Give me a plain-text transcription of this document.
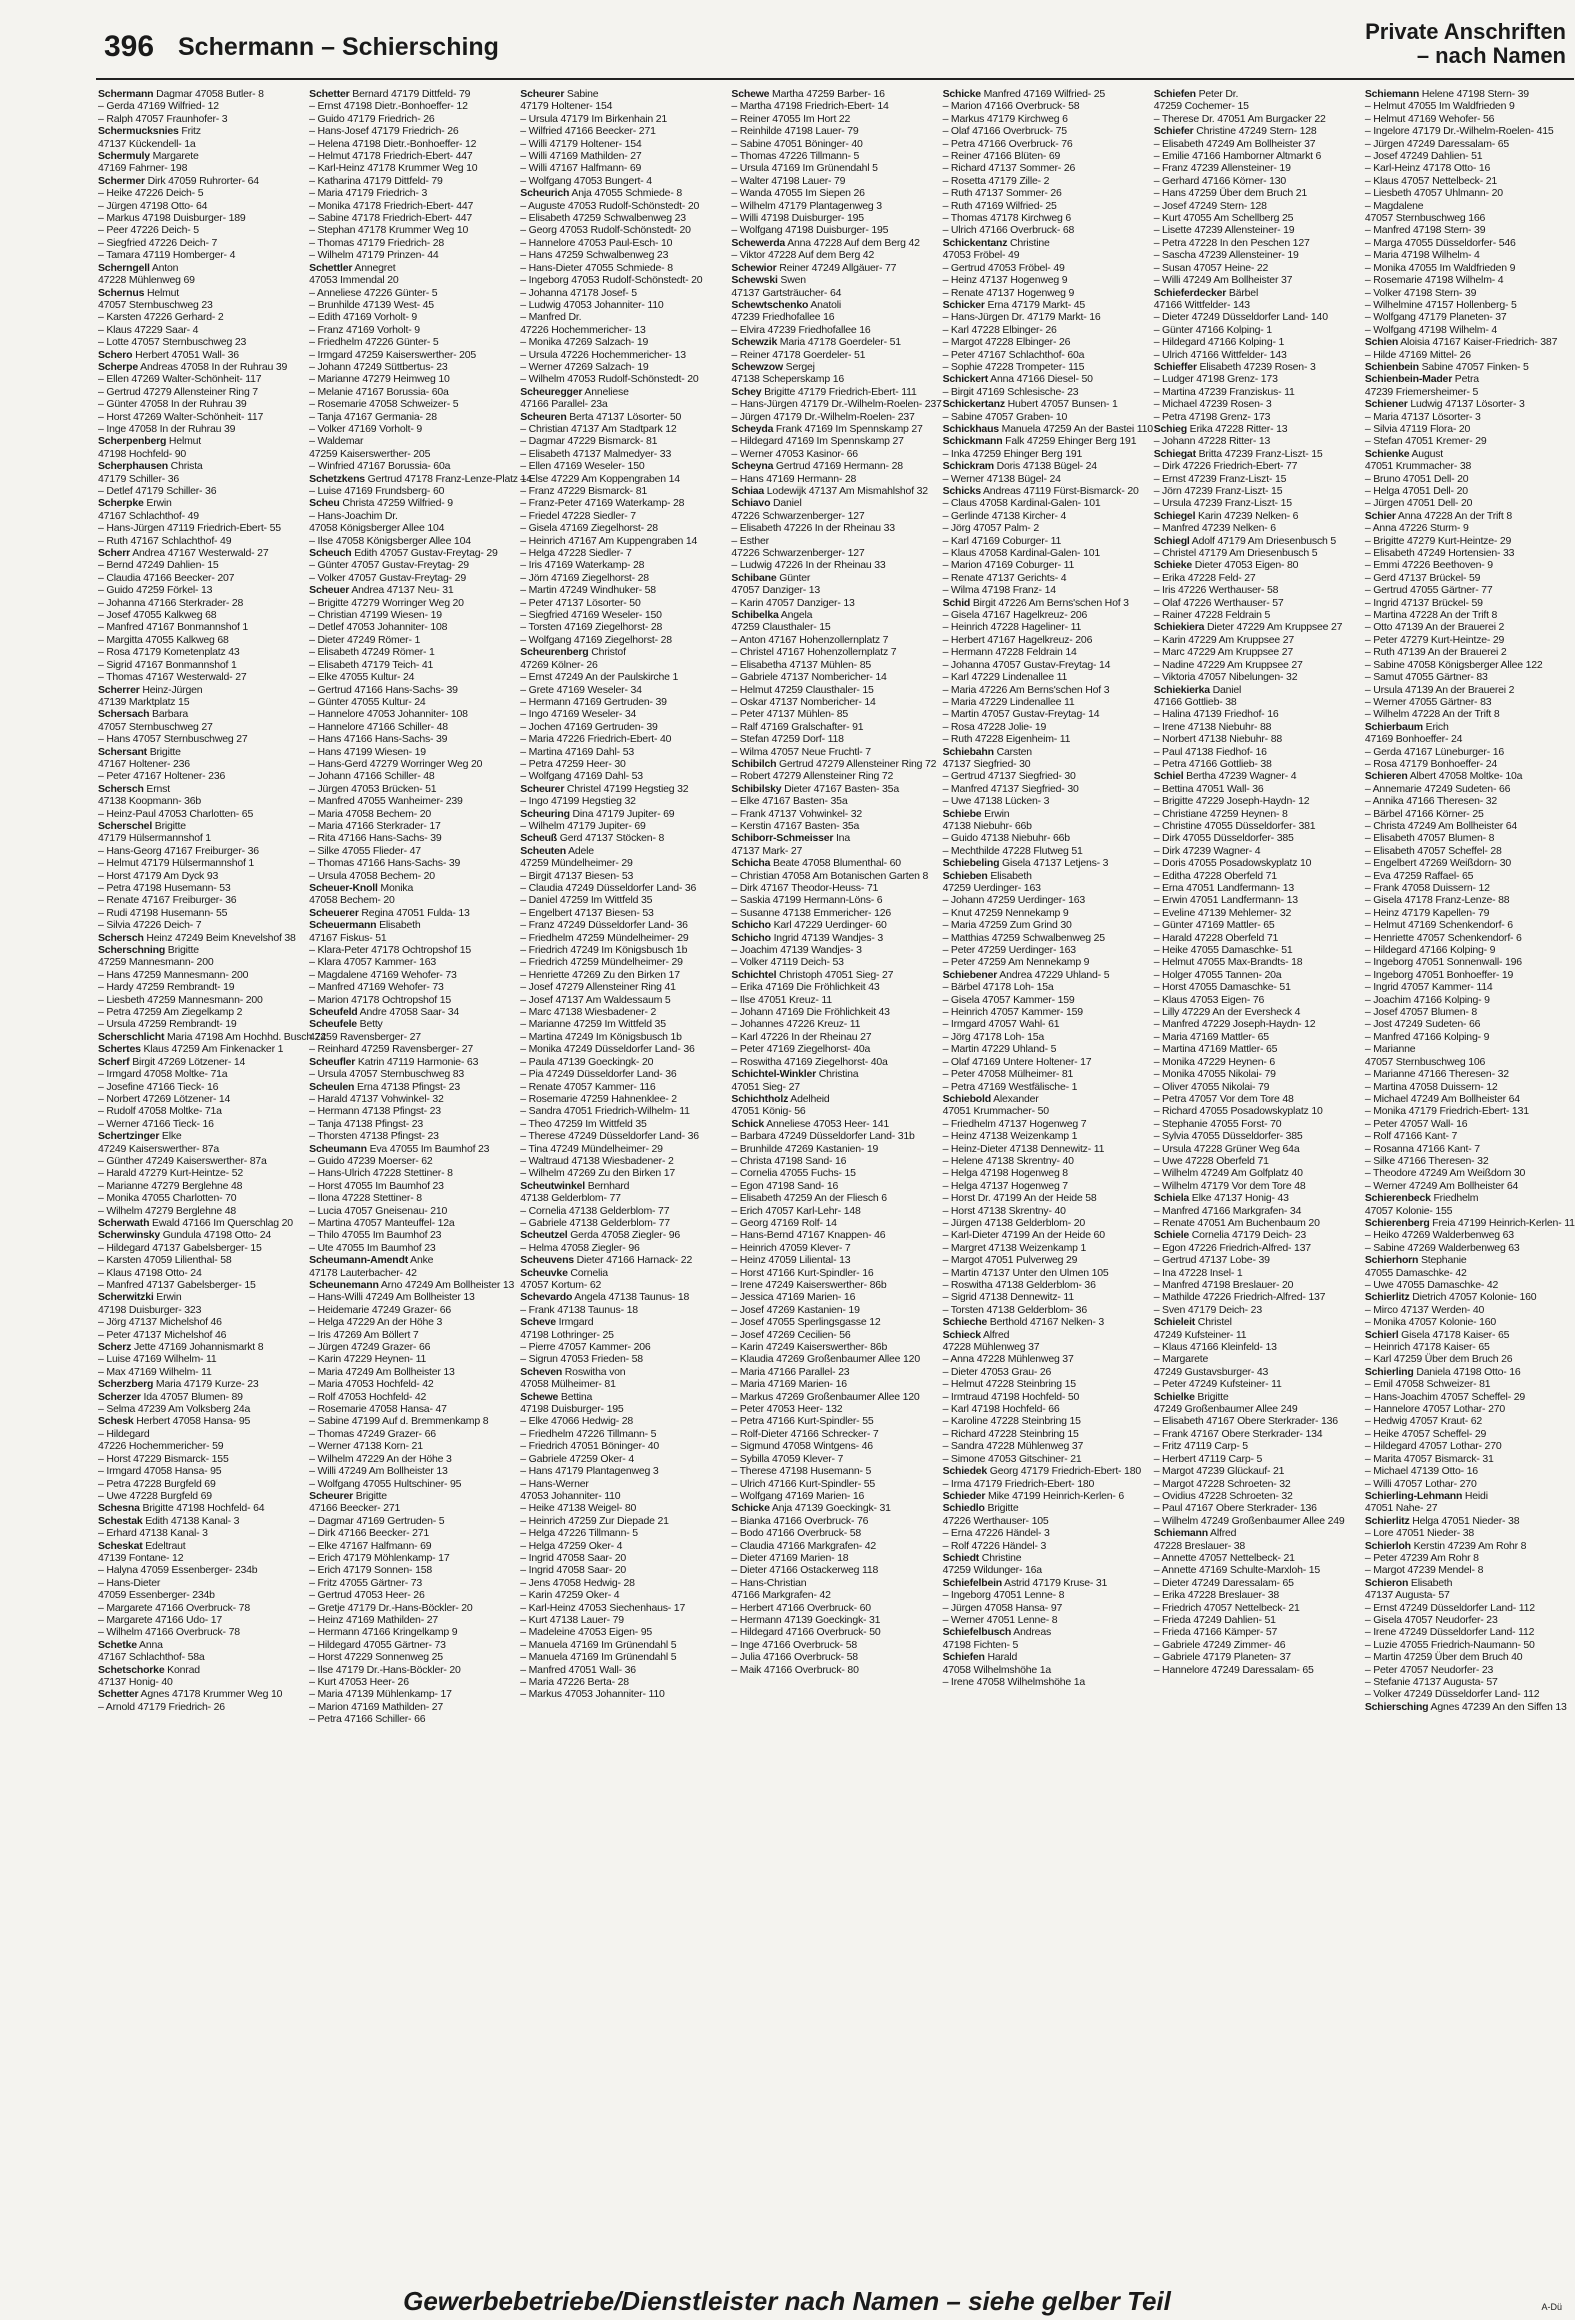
396 Schermann – Schiersching
Private Anschriften
– nach Namen
Schermann Dagmar 47058 Butler- 8
– Gerda 47169 Wilfried- 12
– Ralph 47057 Fraunhofer- 3
Schermucksnies Fritz
47137 Kückendell- 1a
Schermuly Margarete
47169 Fahrner- 198
Schermer Dirk 47059 Ruhrorter- 64
– Heike 47226 Deich- 5
– Jürgen 47198 Otto- 64
– Markus 47198 Duisburger- 189
– Peer 47226 Deich- 5
– Siegfried 47226 Deich- 7
– Tamara 47119 Homberger- 4
Scherngell Anton
47228 Mühlenweg 69
Schernus Helmut
47057 Sternbuschweg 23
– Karsten 47226 Gerhard- 2
– Klaus 47229 Saar- 4
– Lotte 47057 Sternbuschweg 23
Schero Herbert 47051 Wall- 36
Scherpe Andreas 47058 In der Ruhrau 39
– Ellen 47269 Walter-Schönheit- 117
– Gertrud 47279 Allensteiner Ring 7
– Günter 47058 In der Ruhrau 39
– Horst 47269 Walter-Schönheit- 117
– Inge 47058 In der Ruhrau 39
Scherpenberg Helmut
47198 Hochfeld- 90
Scherphausen Christa
47179 Schiller- 36
– Detlef 47179 Schiller- 36
Scherpke Erwin
47167 Schlachthof- 49
– Hans-Jürgen 47119 Friedrich-Ebert- 55
– Ruth 47167 Schlachthof- 49
Scherr Andrea 47167 Westerwald- 27
– Bernd 47249 Dahlien- 15
– Claudia 47166 Beecker- 207
– Guido 47259 Förkel- 13
– Johanna 47166 Sterkrader- 28
– Josef 47055 Kalkweg 68
– Manfred 47167 Bonmannshof 1
– Margitta 47055 Kalkweg 68
– Rosa 47179 Kometenplatz 43
– Sigrid 47167 Bonmannshof 1
– Thomas 47167 Westerwald- 27
Scherrer Heinz-Jürgen
47139 Marktplatz 15
Schersach Barbara
47057 Sternbuschweg 27
– Hans 47057 Sternbuschweg 27
Schersant Brigitte
47167 Holtener- 236
– Peter 47167 Holtener- 236
Schersch Ernst
47138 Koopmann- 36b
– Heinz-Paul 47053 Charlotten- 65
Scherschel Brigitte
47179 Hülsermannshof 1
– Hans-Georg 47167 Freiburger- 36
– Helmut 47179 Hülsermannshof 1
– Horst 47179 Am Dyck 93
– Petra 47198 Husemann- 53
– Renate 47167 Freiburger- 36
– Rudi 47198 Husemann- 55
– Silvia 47226 Deich- 7
Schersch Heinz 47249 Beim Knevelshof 38
Scherschning Brigitte
47259 Mannesmann- 200
– Hans 47259 Mannesmann- 200
– Hardy 47259 Rembrandt- 19
– Liesbeth 47259 Mannesmann- 200
– Petra 47259 Am Ziegelkamp 2
– Ursula 47259 Rembrandt- 19
Scherschlicht Maria 47198 Am Hochhd. Busch 24
Schertes Klaus 47259 Am Finkenacker 1
Scherf Birgit 47269 Lötzener- 14
– Irmgard 47058 Moltke- 71a
– Josefine 47166 Tieck- 16
– Norbert 47269 Lötzener- 14
– Rudolf 47058 Moltke- 71a
– Werner 47166 Tieck- 16
Schertzinger Elke
47249 Kaiserswerther- 87a
– Günther 47249 Kaiserswerther- 87a
– Harald 47279 Kurt-Heintze- 52
– Marianne 47279 Berglehne 48
– Monika 47055 Charlotten- 70
– Wilhelm 47279 Berglehne 48
Scherwath Ewald 47166 Im Querschlag 20
Scherwinsky Gundula 47198 Otto- 24
– Hildegard 47137 Gabelsberger- 15
– Karsten 47059 Lilienthal- 58
– Klaus 47198 Otto- 24
– Manfred 47137 Gabelsberger- 15
Scherwitzki Erwin
47198 Duisburger- 323
– Jörg 47137 Michelshof 46
– Peter 47137 Michelshof 46
Scherz Jette 47169 Johannismarkt 8
– Luise 47169 Wilhelm- 11
– Max 47169 Wilhelm- 11
Scherzberg Maria 47179 Kurze- 23
Scherzer Ida 47057 Blumen- 89
– Selma 47239 Am Volksberg 24a
Schesk Herbert 47058 Hansa- 95
– Hildegard
47226 Hochemmericher- 59
– Horst 47229 Bismarck- 155
– Irmgard 47058 Hansa- 95
– Petra 47228 Burgfeld 69
– Uwe 47228 Burgfeld 69
Schesna Brigitte 47198 Hochfeld- 64
Schestak Edith 47138 Kanal- 3
– Erhard 47138 Kanal- 3
Scheskat Edeltraut
47139 Fontane- 12
– Halyna 47059 Essenberger- 234b
– Hans-Dieter
47059 Essenberger- 234b
– Margarete 47166 Overbruck- 78
– Margarete 47166 Udo- 17
– Wilhelm 47166 Overbruck- 78
Schetke Anna
47167 Schlachthof- 58a
Schetschorke Konrad
47137 Honig- 40
Schetter Agnes 47178 Krummer Weg 10
– Arnold 47179 Friedrich- 26
Schetter Bernard 47179 Dittfeld- 79
– Ernst 47198 Dietr.-Bonhoeffer- 12
– Guido 47179 Friedrich- 26
– Hans-Josef 47179 Friedrich- 26
– Helena 47198 Dietr.-Bonhoeffer- 12
– Helmut 47178 Friedrich-Ebert- 447
– Karl-Heinz 47178 Krummer Weg 10
– Katharina 47179 Dittfeld- 79
– Maria 47179 Friedrich- 3
– Monika 47178 Friedrich-Ebert- 447
– Sabine 47178 Friedrich-Ebert- 447
– Stephan 47178 Krummer Weg 10
– Thomas 47179 Friedrich- 28
– Wilhelm 47179 Prinzen- 44
Schettler Annegret
47053 Immendal 20
– Anneliese 47226 Günter- 5
– Brunhilde 47139 West- 45
– Edith 47169 Vorholt- 9
– Franz 47169 Vorholt- 9
– Friedhelm 47226 Günter- 5
– Irmgard 47259 Kaiserswerther- 205
– Johann 47249 Süttbertus- 23
– Marianne 47279 Heimweg 10
– Melanie 47167 Borussia- 60a
– Rosemarie 47058 Schweizer- 5
– Tanja 47167 Germania- 28
– Volker 47169 Vorholt- 9
– Waldemar
47259 Kaiserswerther- 205
– Winfried 47167 Borussia- 60a
Schetzkens Gertrud 47178 Franz-Lenze-Platz 14
– Luise 47169 Frundsberg- 60
Scheu Christa 47259 Wilfried- 9
– Hans-Joachim Dr.
47058 Königsberger Allee 104
– Ilse 47058 Königsberger Allee 104
Scheuch Edith 47057 Gustav-Freytag- 29
– Günter 47057 Gustav-Freytag- 29
– Volker 47057 Gustav-Freytag- 29
Scheuer Andrea 47137 Neu- 31
– Brigitte 47279 Worringer Weg 20
– Christian 47199 Wiesen- 19
– Detlef 47053 Johanniter- 108
– Dieter 47249 Römer- 1
– Elisabeth 47249 Römer- 1
– Elisabeth 47179 Teich- 41
– Elke 47055 Kultur- 24
– Gertrud 47166 Hans-Sachs- 39
– Günter 47055 Kultur- 24
– Hannelore 47053 Johanniter- 108
– Hannelore 47166 Schiller- 48
– Hans 47166 Hans-Sachs- 39
– Hans 47199 Wiesen- 19
– Hans-Gerd 47279 Worringer Weg 20
– Johann 47166 Schiller- 48
– Jürgen 47053 Brücken- 51
– Manfred 47055 Wanheimer- 239
– Maria 47058 Bechem- 20
– Maria 47166 Sterkrader- 17
– Rita 47166 Hans-Sachs- 39
– Silke 47055 Flieder- 47
– Thomas 47166 Hans-Sachs- 39
– Ursula 47058 Bechem- 20
Scheuer-Knoll Monika
47058 Bechem- 20
Scheuerer Regina 47051 Fulda- 13
Scheuermann Elisabeth
47167 Fiskus- 51
– Klara-Peter 47178 Ochtropshof 15
– Klara 47057 Kammer- 163
– Magdalene 47169 Wehofer- 73
– Manfred 47169 Wehofer- 73
– Marion 47178 Ochtropshof 15
Scheufeld Andre 47058 Saar- 34
Scheufele Betty
47259 Ravensberger- 27
– Reinhard 47259 Ravensberger- 27
Scheufler Katrin 47119 Harmonie- 63
– Ursula 47057 Sternbuschweg 83
Scheulen Erna 47138 Pfingst- 23
– Harald 47137 Vohwinkel- 32
– Hermann 47138 Pfingst- 23
– Tanja 47138 Pfingst- 23
– Thorsten 47138 Pfingst- 23
Scheumann Eva 47055 Im Baumhof 23
– Guido 47239 Moerser- 62
– Hans-Ulrich 47228 Stettiner- 8
– Horst 47055 Im Baumhof 23
– Ilona 47228 Stettiner- 8
– Lucia 47057 Gneisenau- 210
– Martina 47057 Manteuffel- 12a
– Thilo 47055 Im Baumhof 23
– Ute 47055 Im Baumhof 23
Scheumann-Amendt Anke
47178 Lauterbacher- 42
Scheunemann Arno 47249 Am Bollheister 13
– Hans-Willi 47249 Am Bollheister 13
– Heidemarie 47249 Grazer- 66
– Helga 47229 An der Höhe 3
– Iris 47269 Am Böllert 7
– Jürgen 47249 Grazer- 66
– Karin 47229 Heynen- 11
– Maria 47249 Am Bollheister 13
– Maria 47053 Hochfeld- 42
– Rolf 47053 Hochfeld- 42
– Rosemarie 47058 Hansa- 47
– Sabine 47199 Auf d. Bremmenkamp 8
– Thomas 47249 Grazer- 66
– Werner 47138 Korn- 21
– Wilhelm 47229 An der Höhe 3
– Willi 47249 Am Bollheister 13
– Wolfgang 47055 Hultschiner- 95
Scheurer Brigitte
47166 Beecker- 271
– Dagmar 47169 Gertruden- 5
– Dirk 47166 Beecker- 271
– Elke 47167 Halfmann- 69
– Erich 47179 Möhlenkamp- 17
– Erich 47179 Sonnen- 158
– Fritz 47055 Gärtner- 73
– Gertrud 47053 Heer- 26
– Gretje 47179 Dr.-Hans-Böckler- 20
– Heinz 47169 Mathilden- 27
– Hermann 47166 Kringelkamp 9
– Hildegard 47055 Gärtner- 73
– Horst 47229 Sonnenweg 25
– Ilse 47179 Dr.-Hans-Böckler- 20
– Kurt 47053 Heer- 26
– Maria 47139 Mühlenkamp- 17
– Marion 47169 Mathilden- 27
– Petra 47166 Schiller- 66
Scheurer Sabine
47179 Holtener- 154
– Ursula 47179 Im Birkenhain 21
– Wilfried 47166 Beecker- 271
– Willi 47179 Holtener- 154
– Willi 47169 Mathilden- 27
– Willi 47167 Halfmann- 69
– Wolfgang 47053 Bungert- 4
Scheurich Anja 47055 Schmiede- 8
– Auguste 47053 Rudolf-Schönstedt- 20
– Elisabeth 47259 Schwalbenweg 23
– Georg 47053 Rudolf-Schönstedt- 20
– Hannelore 47053 Paul-Esch- 10
– Hans 47259 Schwalbenweg 23
– Hans-Dieter 47055 Schmiede- 8
– Ingeborg 47053 Rudolf-Schönstedt- 20
– Johanna 47178 Josef- 5
– Ludwig 47053 Johanniter- 110
– Manfred Dr.
47226 Hochemmericher- 13
– Monika 47269 Salzach- 19
– Ursula 47226 Hochemmericher- 13
– Werner 47269 Salzach- 19
– Wilhelm 47053 Rudolf-Schönstedt- 20
Scheuregger Anneliese
47166 Parallel- 23a
Scheuren Berta 47137 Lösorter- 50
– Christian 47137 Am Stadtpark 12
– Dagmar 47229 Bismarck- 81
– Elisabeth 47137 Malmedyer- 33
– Ellen 47169 Weseler- 150
– Else 47229 Am Koppengraben 14
– Franz 47229 Bismarck- 81
– Franz-Peter 47169 Waterkamp- 28
– Friedel 47228 Siedler- 7
– Gisela 47169 Ziegelhorst- 28
– Heinrich 47167 Am Kuppengraben 14
– Helga 47228 Siedler- 7
– Iris 47169 Waterkamp- 28
– Jörn 47169 Ziegelhorst- 28
– Martin 47249 Windhuker- 58
– Peter 47137 Lösorter- 50
– Siegfried 47169 Weseler- 150
– Torsten 47169 Ziegelhorst- 28
– Wolfgang 47169 Ziegelhorst- 28
Scheurenberg Christof
47269 Kölner- 26
– Ernst 47249 An der Paulskirche 1
– Grete 47169 Weseler- 34
– Hermann 47169 Gertruden- 39
– Ingo 47169 Weseler- 34
– Jochen 47169 Gertruden- 39
– Maria 47226 Friedrich-Ebert- 40
– Martina 47169 Dahl- 53
– Petra 47259 Heer- 30
– Wolfgang 47169 Dahl- 53
Scheurer Christel 47199 Hegstieg 32
– Ingo 47199 Hegstieg 32
Scheuring Dina 47179 Jupiter- 69
– Wilhelm 47179 Jupiter- 69
Scheuß Gerd 47137 Stöcken- 8
Scheuten Adele
47259 Mündelheimer- 29
– Birgit 47137 Biesen- 53
– Claudia 47249 Düsseldorfer Land- 36
– Daniel 47259 Im Wittfeld 35
– Engelbert 47137 Biesen- 53
– Franz 47249 Düsseldorfer Land- 36
– Friedhelm 47259 Mündelheimer- 29
– Friedrich 47249 Im Königsbusch 1b
– Friedrich 47259 Mündelheimer- 29
– Henriette 47269 Zu den Birken 17
– Josef 47279 Allensteiner Ring 41
– Josef 47137 Am Waldessaum 5
– Marc 47138 Wiesbadener- 2
– Marianne 47259 Im Wittfeld 35
– Martina 47249 Im Königsbusch 1b
– Monika 47249 Düsseldorfer Land- 36
– Paula 47139 Goeckingk- 20
– Pia 47249 Düsseldorfer Land- 36
– Renate 47057 Kammer- 116
– Rosemarie 47259 Hahnenklee- 2
– Sandra 47051 Friedrich-Wilhelm- 11
– Theo 47259 Im Wittfeld 35
– Therese 47249 Düsseldorfer Land- 36
– Tina 47249 Mündelheimer- 29
– Waltraud 47138 Wiesbadener- 2
– Wilhelm 47269 Zu den Birken 17
Scheutwinkel Bernhard
47138 Gelderblom- 77
– Cornelia 47138 Gelderblom- 77
– Gabriele 47138 Gelderblom- 77
Scheutzel Gerda 47058 Ziegler- 96
– Helma 47058 Ziegler- 96
Scheuvens Dieter 47166 Harnack- 22
Scheuvke Cornelia
47057 Kortum- 62
Schevardo Angela 47138 Taunus- 18
– Frank 47138 Taunus- 18
Scheve Irmgard
47198 Lothringer- 25
– Pierre 47057 Kammer- 206
– Sigrun 47053 Frieden- 58
Scheven Roswitha von
47058 Mülheimer- 81
Schewe Bettina
47198 Duisburger- 195
– Elke 47066 Hedwig- 28
– Friedhelm 47226 Tillmann- 5
– Friedrich 47051 Böninger- 40
– Gabriele 47259 Oker- 4
– Hans 47179 Plantagenweg 3
– Hans-Werner
47053 Johanniter- 110
– Heike 47138 Weigel- 80
– Heinrich 47259 Zur Diepade 21
– Helga 47226 Tillmann- 5
– Helga 47259 Oker- 4
– Ingrid 47058 Saar- 20
– Ingrid 47058 Saar- 20
– Jens 47058 Hedwig- 28
– Karin 47259 Oker- 4
– Karl-Heinz 47053 Siechenhaus- 17
– Kurt 47138 Lauer- 79
– Madeleine 47053 Eigen- 95
– Manuela 47169 Im Grünendahl 5
– Manuela 47169 Im Grünendahl 5
– Manfred 47051 Wall- 36
– Maria 47226 Berta- 28
– Markus 47053 Johanniter- 110
Schewe Martha 47259 Barber- 16
– Martha 47198 Friedrich-Ebert- 14
– Reiner 47055 Im Hort 22
– Reinhilde 47198 Lauer- 79
– Sabine 47051 Böninger- 40
– Thomas 47226 Tillmann- 5
– Ursula 47169 Im Grünendahl 5
– Walter 47198 Lauer- 79
– Wanda 47055 Im Siepen 26
– Wilhelm 47179 Plantagenweg 3
– Willi 47198 Duisburger- 195
– Wolfgang 47198 Duisburger- 195
Schewerda Anna 47228 Auf dem Berg 42
– Viktor 47228 Auf dem Berg 42
Schewior Reiner 47249 Allgäuer- 77
Schewski Swen
47137 Gartsträucher- 64
Schewtschenko Anatoli
47239 Friedhofallee 16
– Elvira 47239 Friedhofallee 16
Schewzik Maria 47178 Goerdeler- 51
– Reiner 47178 Goerdeler- 51
Schewzow Sergej
47138 Scheperskamp 16
Schey Brigitte 47179 Friedrich-Ebert- 111
– Hans-Jürgen 47179 Dr.-Wilhelm-Roelen- 237
– Jürgen 47179 Dr.-Wilhelm-Roelen- 237
Scheyda Frank 47169 Im Spennskamp 27
– Hildegard 47169 Im Spennskamp 27
– Werner 47053 Kasinor- 66
Scheyna Gertrud 47169 Hermann- 28
– Hans 47169 Hermann- 28
Schiaa Lodewijk 47137 Am Mismahlshof 32
Schiavo Daniel
47226 Schwarzenberger- 127
– Elisabeth 47226 In der Rheinau 33
– Esther
47226 Schwarzenberger- 127
– Ludwig 47226 In der Rheinau 33
Schibane Günter
47057 Danziger- 13
– Karin 47057 Danziger- 13
Schibelka Angela
47259 Clausthaler- 15
– Anton 47167 Hohenzollernplatz 7
– Christel 47167 Hohenzollernplatz 7
– Elisabetha 47137 Mühlen- 85
– Gabriele 47137 Nombericher- 14
– Helmut 47259 Clausthaler- 15
– Oskar 47137 Nombericher- 14
– Peter 47137 Mühlen- 85
– Ralf 47169 Gralschafter- 91
– Stefan 47259 Dorf- 118
– Wilma 47057 Neue Fruchtl- 7
Schibilch Gertrud 47279 Allensteiner Ring 72
– Robert 47279 Allensteiner Ring 72
Schibilsky Dieter 47167 Basten- 35a
– Elke 47167 Basten- 35a
– Frank 47137 Vohwinkel- 32
– Kerstin 47167 Basten- 35a
Schiborr-Schmeisser Ina
47137 Mark- 27
Schicha Beate 47058 Blumenthal- 60
– Christian 47058 Am Botanischen Garten 8
– Dirk 47167 Theodor-Heuss- 71
– Saskia 47199 Hermann-Löns- 6
– Susanne 47138 Emmericher- 126
Schicho Karl 47229 Uerdinger- 60
Schicho Ingrid 47139 Wandjes- 3
– Joachim 47139 Wandjes- 3
– Volker 47119 Deich- 53
Schichtel Christoph 47051 Sieg- 27
– Erika 47169 Die Fröhlichkeit 43
– Ilse 47051 Kreuz- 11
– Johann 47169 Die Fröhlichkeit 43
– Johannes 47226 Kreuz- 11
– Karl 47226 In der Rheinau 27
– Peter 47169 Ziegelhorst- 40a
– Roswitha 47169 Ziegelhorst- 40a
Schichtel-Winkler Christina
47051 Sieg- 27
Schichtholz Adelheid
47051 König- 56
Schick Anneliese 47053 Heer- 141
– Barbara 47249 Düsseldorfer Land- 31b
– Brunhilde 47269 Kastanien- 19
– Christa 47198 Sand- 16
– Cornelia 47055 Fuchs- 15
– Egon 47198 Sand- 16
– Elisabeth 47259 An der Fliesch 6
– Erich 47057 Karl-Lehr- 148
– Georg 47169 Rolf- 14
– Hans-Bernd 47167 Knappen- 46
– Heinrich 47059 Klever- 7
– Heinz 47059 Liliental- 13
– Horst 47166 Kurt-Spindler- 16
– Irene 47249 Kaiserswerther- 86b
– Jessica 47169 Marien- 16
– Josef 47269 Kastanien- 19
– Josef 47055 Sperlingsgasse 12
– Josef 47269 Cecilien- 56
– Karin 47249 Kaiserswerther- 86b
– Klaudia 47269 Großenbaumer Allee 120
– Maria 47166 Parallel- 23
– Maria 47169 Marien- 16
– Markus 47269 Großenbaumer Allee 120
– Peter 47053 Heer- 132
– Petra 47166 Kurt-Spindler- 55
– Rolf-Dieter 47166 Schrecker- 7
– Sigmund 47058 Wintgens- 46
– Sybilla 47059 Klever- 7
– Therese 47198 Husemann- 5
– Ulrich 47166 Kurt-Spindler- 55
– Wolfgang 47169 Marien- 16
Schicke Anja 47139 Goeckingk- 31
– Bianka 47166 Overbruck- 76
– Bodo 47166 Overbruck- 58
– Claudia 47166 Markgrafen- 42
– Dieter 47169 Marien- 18
– Dieter 47166 Ostackerweg 118
– Hans-Christian
47166 Markgrafen- 42
– Herbert 47166 Overbruck- 60
– Hermann 47139 Goeckingk- 31
– Hildegard 47166 Overbruck- 50
– Inge 47166 Overbruck- 58
– Julia 47166 Overbruck- 58
– Maik 47166 Overbruck- 80
Schicke Manfred 47169 Wilfried- 25
– Marion 47166 Overbruck- 58
– Markus 47179 Kirchweg 6
– Olaf 47166 Overbruck- 75
– Petra 47166 Overbruck- 76
– Reiner 47166 Blüten- 69
– Richard 47137 Sommer- 26
– Rosetta 47179 Zille- 2
– Ruth 47137 Sommer- 26
– Ruth 47169 Wilfried- 25
– Thomas 47178 Kirchweg 6
– Ulrich 47166 Overbruck- 68
Schickentanz Christine
47053 Fröbel- 49
– Gertrud 47053 Fröbel- 49
– Heinz 47137 Hogenweg 9
– Renate 47137 Hogenweg 9
Schicker Erna 47179 Markt- 45
– Hans-Jürgen Dr. 47179 Markt- 16
– Karl 47228 Elbinger- 26
– Margot 47228 Elbinger- 26
– Peter 47167 Schlachthof- 60a
– Sophie 47228 Trompeter- 115
Schickert Anna 47166 Diesel- 50
– Birgit 47169 Schlesische- 23
Schickertanz Hubert 47057 Bunsen- 1
– Sabine 47057 Graben- 10
Schickhaus Manuela 47259 An der Bastei 110
Schickmann Falk 47259 Ehinger Berg 191
– Inka 47259 Ehinger Berg 191
Schickram Doris 47138 Bügel- 24
– Werner 47138 Bügel- 24
Schicks Andreas 47119 Fürst-Bismarck- 20
– Claus 47058 Kardinal-Galen- 101
– Gerlinde 47138 Kircher- 4
– Jörg 47057 Palm- 2
– Karl 47169 Coburger- 11
– Klaus 47058 Kardinal-Galen- 101
– Marion 47169 Coburger- 11
– Renate 47137 Gerichts- 4
– Wilma 47198 Franz- 14
Schid Birgit 47226 Am Berns'schen Hof 3
– Gisela 47167 Hagelkreuz- 206
– Heinrich 47228 Hageliner- 11
– Herbert 47167 Hagelkreuz- 206
– Hermann 47228 Feldrain 14
– Johanna 47057 Gustav-Freytag- 14
– Karl 47229 Lindenallee 11
– Maria 47226 Am Berns'schen Hof 3
– Maria 47229 Lindenallee 11
– Martin 47057 Gustav-Freytag- 14
– Rosa 47228 Jolie- 19
– Ruth 47228 Eigenheim- 11
Schiebahn Carsten
47137 Siegfried- 30
– Gertrud 47137 Siegfried- 30
– Manfred 47137 Siegfried- 30
– Uwe 47138 Lücken- 3
Schiebe Erwin
47138 Niebuhr- 66b
– Guido 47138 Niebuhr- 66b
– Mechthilde 47228 Flutweg 51
Schiebeling Gisela 47137 Letjens- 3
Schieben Elisabeth
47259 Uerdinger- 163
– Johann 47259 Uerdinger- 163
– Knut 47259 Nennekamp 9
– Maria 47259 Zum Grind 30
– Matthias 47259 Schwalbenweg 25
– Peter 47259 Uerdinger- 163
– Peter 47259 Am Nennekamp 9
Schiebener Andrea 47229 Uhland- 5
– Bärbel 47178 Loh- 15a
– Gisela 47057 Kammer- 159
– Heinrich 47057 Kammer- 159
– Irmgard 47057 Wahl- 61
– Jörg 47178 Loh- 15a
– Martin 47229 Uhland- 5
– Olaf 47169 Untere Holtener- 17
– Peter 47058 Mülheimer- 81
– Petra 47169 Westfälische- 1
Schiebold Alexander
47051 Krummacher- 50
– Friedhelm 47137 Hogenweg 7
– Heinz 47138 Weizenkamp 1
– Heinz-Dieter 47138 Dennewitz- 11
– Helene 47138 Skrentny- 40
– Helga 47198 Hogenweg 8
– Helga 47137 Hogenweg 7
– Horst Dr. 47199 An der Heide 58
– Horst 47138 Skrentny- 40
– Jürgen 47138 Gelderblom- 20
– Karl-Dieter 47199 An der Heide 60
– Margret 47138 Weizenkamp 1
– Margot 47051 Pulverweg 29
– Martin 47137 Unter den Ulmen 105
– Roswitha 47138 Gelderblom- 36
– Sigrid 47138 Dennewitz- 11
– Torsten 47138 Gelderblom- 36
Schieche Berthold 47167 Nelken- 3
Schieck Alfred
47228 Mühlenweg 37
– Anna 47228 Mühlenweg 37
– Dieter 47053 Grau- 26
– Helmut 47228 Steinbring 15
– Irmtraud 47198 Hochfeld- 50
– Karl 47198 Hochfeld- 66
– Karoline 47228 Steinbring 15
– Richard 47228 Steinbring 15
– Sandra 47228 Mühlenweg 37
– Simone 47053 Gitschiner- 21
Schiedek Georg 47179 Friedrich-Ebert- 180
– Irma 47179 Friedrich-Ebert- 180
Schieder Mike 47199 Heinrich-Kerlen- 6
Schiedlo Brigitte
47226 Werthauser- 105
– Erna 47226 Händel- 3
– Rolf 47226 Händel- 3
Schiedt Christine
47259 Wildunger- 16a
Schiefelbein Astrid 47179 Kruse- 31
– Ingeborg 47051 Lenne- 8
– Jürgen 47058 Hansa- 97
– Werner 47051 Lenne- 8
Schiefelbusch Andreas
47198 Fichten- 5
Schiefen Harald
47058 Wilhelmshöhe 1a
– Irene 47058 Wilhelmshöhe 1a
Schiefen Peter Dr.
47259 Cochemer- 15
– Therese Dr. 47051 Am Burgacker 22
Schiefer Christine 47249 Stern- 128
– Elisabeth 47249 Am Bollheister 37
– Emilie 47166 Hamborner Altmarkt 6
– Franz 47239 Allensteiner- 19
– Gerhard 47166 Körner- 130
– Hans 47259 Über dem Bruch 21
– Josef 47249 Stern- 128
– Kurt 47055 Am Schellberg 25
– Lisette 47239 Allensteiner- 19
– Petra 47228 In den Peschen 127
– Sascha 47239 Allensteiner- 19
– Susan 47057 Heine- 22
– Willi 47249 Am Bollheister 37
Schieferdecker Bärbel
47166 Wittfelder- 143
– Dieter 47249 Düsseldorfer Land- 140
– Günter 47166 Kolping- 1
– Hildegard 47166 Kolping- 1
– Ulrich 47166 Wittfelder- 143
Schieffer Elisabeth 47239 Rosen- 3
– Ludger 47198 Grenz- 173
– Martina 47239 Franziskus- 11
– Michael 47239 Rosen- 3
– Petra 47198 Grenz- 173
Schieg Erika 47228 Ritter- 13
– Johann 47228 Ritter- 13
Schiegat Britta 47239 Franz-Liszt- 15
– Dirk 47226 Friedrich-Ebert- 77
– Ernst 47239 Franz-Liszt- 15
– Jörn 47239 Franz-Liszt- 15
– Ursula 47239 Franz-Liszt- 15
Schiegel Karin 47239 Nelken- 6
– Manfred 47239 Nelken- 6
Schiegl Adolf 47179 Am Driesenbusch 5
– Christel 47179 Am Driesenbusch 5
Schieke Dieter 47053 Eigen- 80
– Erika 47228 Feld- 27
– Iris 47226 Werthauser- 58
– Olaf 47226 Werthauser- 57
– Rainer 47228 Feldrain 5
Schiekiera Dieter 47229 Am Kruppsee 27
– Karin 47229 Am Kruppsee 27
– Marc 47229 Am Kruppsee 27
– Nadine 47229 Am Kruppsee 27
– Viktoria 47057 Nibelungen- 32
Schiekierka Daniel
47166 Gottlieb- 38
– Halina 47139 Friedhof- 16
– Irene 47138 Niebuhr- 88
– Norbert 47138 Niebuhr- 88
– Paul 47138 Fiedhof- 16
– Petra 47166 Gottlieb- 38
Schiel Bertha 47239 Wagner- 4
– Bettina 47051 Wall- 36
– Brigitte 47229 Joseph-Haydn- 12
– Christiane 47259 Heynen- 8
– Christine 47055 Düsseldorfer- 381
– Dirk 47055 Düsseldorfer- 385
– Dirk 47239 Wagner- 4
– Doris 47055 Posadowskyplatz 10
– Editha 47228 Oberfeld 71
– Erna 47051 Landfermann- 13
– Erwin 47051 Landfermann- 13
– Eveline 47139 Mehlemer- 32
– Günter 47169 Mattler- 65
– Harald 47228 Oberfeld 71
– Heike 47055 Damaschke- 51
– Helmut 47055 Max-Brandts- 18
– Holger 47055 Tannen- 20a
– Horst 47055 Damaschke- 51
– Klaus 47053 Eigen- 76
– Lilly 47229 An der Eversheck 4
– Manfred 47229 Joseph-Haydn- 12
– Maria 47169 Mattler- 65
– Martina 47169 Mattler- 65
– Monika 47229 Heynen- 6
– Monika 47055 Nikolai- 79
– Oliver 47055 Nikolai- 79
– Petra 47057 Vor dem Tore 48
– Richard 47055 Posadowskyplatz 10
– Stephanie 47055 Forst- 70
– Sylvia 47055 Düsseldorfer- 385
– Ursula 47228 Grüner Weg 64a
– Uwe 47228 Oberfeld 71
– Wilhelm 47249 Am Golfplatz 40
– Wilhelm 47179 Vor dem Tore 48
Schiela Elke 47137 Honig- 43
– Manfred 47166 Markgrafen- 34
– Renate 47051 Am Buchenbaum 20
Schiele Cornelia 47179 Deich- 23
– Egon 47226 Friedrich-Alfred- 137
– Gertrud 47137 Lobe- 39
– Ina 47228 Insel- 1
– Manfred 47198 Breslauer- 20
– Mathilde 47226 Friedrich-Alfred- 137
– Sven 47179 Deich- 23
Schieleit Christel
47249 Kufsteiner- 11
– Klaus 47166 Kleinfeld- 13
– Margarete
47249 Gustavsburger- 43
– Peter 47249 Kufsteiner- 11
Schielke Brigitte
47249 Großenbaumer Allee 249
– Elisabeth 47167 Obere Sterkrader- 136
– Frank 47167 Obere Sterkrader- 134
– Fritz 47119 Carp- 5
– Herbert 47119 Carp- 5
– Margot 47239 Glückauf- 21
– Margot 47228 Schroeten- 32
– Ovidius 47228 Schroeten- 32
– Paul 47167 Obere Sterkrader- 136
– Wilhelm 47249 Großenbaumer Allee 249
Schiemann Alfred
47228 Breslauer- 38
– Annette 47057 Nettelbeck- 21
– Annette 47169 Schulte-Marxloh- 15
– Dieter 47249 Daressalam- 65
– Erika 47228 Breslauer- 38
– Friedrich 47057 Nettelbeck- 21
– Frieda 47249 Dahlien- 51
– Frieda 47166 Kämper- 57
– Gabriele 47249 Zimmer- 46
– Gabriele 47179 Planeten- 37
– Hannelore 47249 Daressalam- 65
Schiemann Helene 47198 Stern- 39
– Helmut 47055 Im Waldfrieden 9
– Helmut 47169 Wehofer- 56
– Ingelore 47179 Dr.-Wilhelm-Roelen- 415
– Jürgen 47249 Daressalam- 65
– Josef 47249 Dahlien- 51
– Karl-Heinz 47178 Otto- 16
– Klaus 47057 Nettelbeck- 21
– Liesbeth 47057 Uhlmann- 20
– Magdalene
47057 Sternbuschweg 166
– Manfred 47198 Stern- 39
– Marga 47055 Düsseldorfer- 546
– Maria 47198 Wilhelm- 4
– Monika 47055 Im Waldfrieden 9
– Rosemarie 47198 Wilhelm- 4
– Volker 47198 Stern- 39
– Wilhelmine 47157 Hollenberg- 5
– Wolfgang 47179 Planeten- 37
– Wolfgang 47198 Wilhelm- 4
Schien Aloisia 47167 Kaiser-Friedrich- 387
– Hilde 47169 Mittel- 26
Schienbein Sabine 47057 Finken- 5
Schienbein-Mader Petra
47239 Friemersheimer- 5
Schiener Ludwig 47137 Lösorter- 3
– Maria 47137 Lösorter- 3
– Silvia 47119 Flora- 20
– Stefan 47051 Kremer- 29
Schienke August
47051 Krummacher- 38
– Bruno 47051 Dell- 20
– Helga 47051 Dell- 20
– Jürgen 47051 Dell- 20
Schier Anna 47228 An der Trift 8
– Anna 47226 Sturm- 9
– Brigitte 47279 Kurt-Heintze- 29
– Elisabeth 47249 Hortensien- 33
– Emmi 47226 Beethoven- 9
– Gerd 47137 Brückel- 59
– Gertrud 47055 Gärtner- 77
– Ingrid 47137 Brückel- 59
– Martina 47228 An der Trift 8
– Otto 47139 An der Brauerei 2
– Peter 47279 Kurt-Heintze- 29
– Ruth 47139 An der Brauerei 2
– Sabine 47058 Königsberger Allee 122
– Samut 47055 Gärtner- 83
– Ursula 47139 An der Brauerei 2
– Werner 47055 Gärtner- 83
– Wilhelm 47228 An der Trift 8
Schierbaum Erich
47169 Bonhoeffer- 24
– Gerda 47167 Lüneburger- 16
– Rosa 47179 Bonhoeffer- 24
Schieren Albert 47058 Moltke- 10a
– Annemarie 47249 Sudeten- 66
– Annika 47166 Theresen- 32
– Bärbel 47166 Körner- 25
– Christa 47249 Am Bollheister 64
– Elisabeth 47057 Blumen- 8
– Elisabeth 47057 Scheffel- 28
– Engelbert 47269 Weißdorn- 30
– Eva 47259 Raffael- 65
– Frank 47058 Duissern- 12
– Gisela 47178 Franz-Lenze- 88
– Heinz 47179 Kapellen- 79
– Helmut 47169 Schenkendorf- 6
– Henriette 47057 Schenkendorf- 6
– Hildegard 47166 Kolping- 9
– Ingeborg 47051 Sonnenwall- 196
– Ingeborg 47051 Bonhoeffer- 19
– Ingrid 47057 Kammer- 114
– Joachim 47166 Kolping- 9
– Josef 47057 Blumen- 8
– Jost 47249 Sudeten- 66
– Manfred 47166 Kolping- 9
– Marianne
47057 Sternbuschweg 106
– Marianne 47166 Theresen- 32
– Martina 47058 Duissern- 12
– Michael 47249 Am Bollheister 64
– Monika 47179 Friedrich-Ebert- 131
– Peter 47057 Wall- 16
– Rolf 47166 Kant- 7
– Rosanna 47166 Kant- 7
– Silke 47166 Theresen- 32
– Theodore 47249 Am Weißdorn 30
– Werner 47249 Am Bollheister 64
Schierenbeck Friedhelm
47057 Kolonie- 155
Schierenberg Freia 47199 Heinrich-Kerlen- 11
– Heiko 47269 Walderbenweg 63
– Sabine 47269 Walderbenweg 63
Schierhorn Stephanie
47055 Damaschke- 42
– Uwe 47055 Damaschke- 42
Schierlitz Dietrich 47057 Kolonie- 160
– Mirco 47137 Werden- 40
– Monika 47057 Kolonie- 160
Schierl Gisela 47178 Kaiser- 65
– Heinrich 47178 Kaiser- 65
– Karl 47259 Über dem Bruch 26
Schierling Daniela 47198 Otto- 16
– Emil 47058 Schweizer- 81
– Hans-Joachim 47057 Scheffel- 29
– Hannelore 47057 Lothar- 270
– Hedwig 47057 Kraut- 62
– Heike 47057 Scheffel- 29
– Hildegard 47057 Lothar- 270
– Marita 47057 Bismarck- 31
– Michael 47139 Otto- 16
– Willi 47057 Lothar- 270
Schierling-Lehmann Heidi
47051 Nahe- 27
Schierlitz Helga 47051 Nieder- 38
– Lore 47051 Nieder- 38
Schierloh Kerstin 47239 Am Rohr 8
– Peter 47239 Am Rohr 8
– Margot 47239 Mendel- 8
Schieron Elisabeth
47137 Augusta- 57
– Ernst 47249 Düsseldorfer Land- 112
– Gisela 47057 Neudorfer- 23
– Irene 47249 Düsseldorfer Land- 112
– Luzie 47055 Friedrich-Naumann- 50
– Martin 47259 Über dem Bruch 40
– Peter 47057 Neudorfer- 23
– Stefanie 47137 Augusta- 57
– Volker 47249 Düsseldorfer Land- 112
Schiersching Agnes 47239 An den Siffen 13
Gewerbebetriebe/Dienstleister nach Namen – siehe gelber Teil	A-Dü
